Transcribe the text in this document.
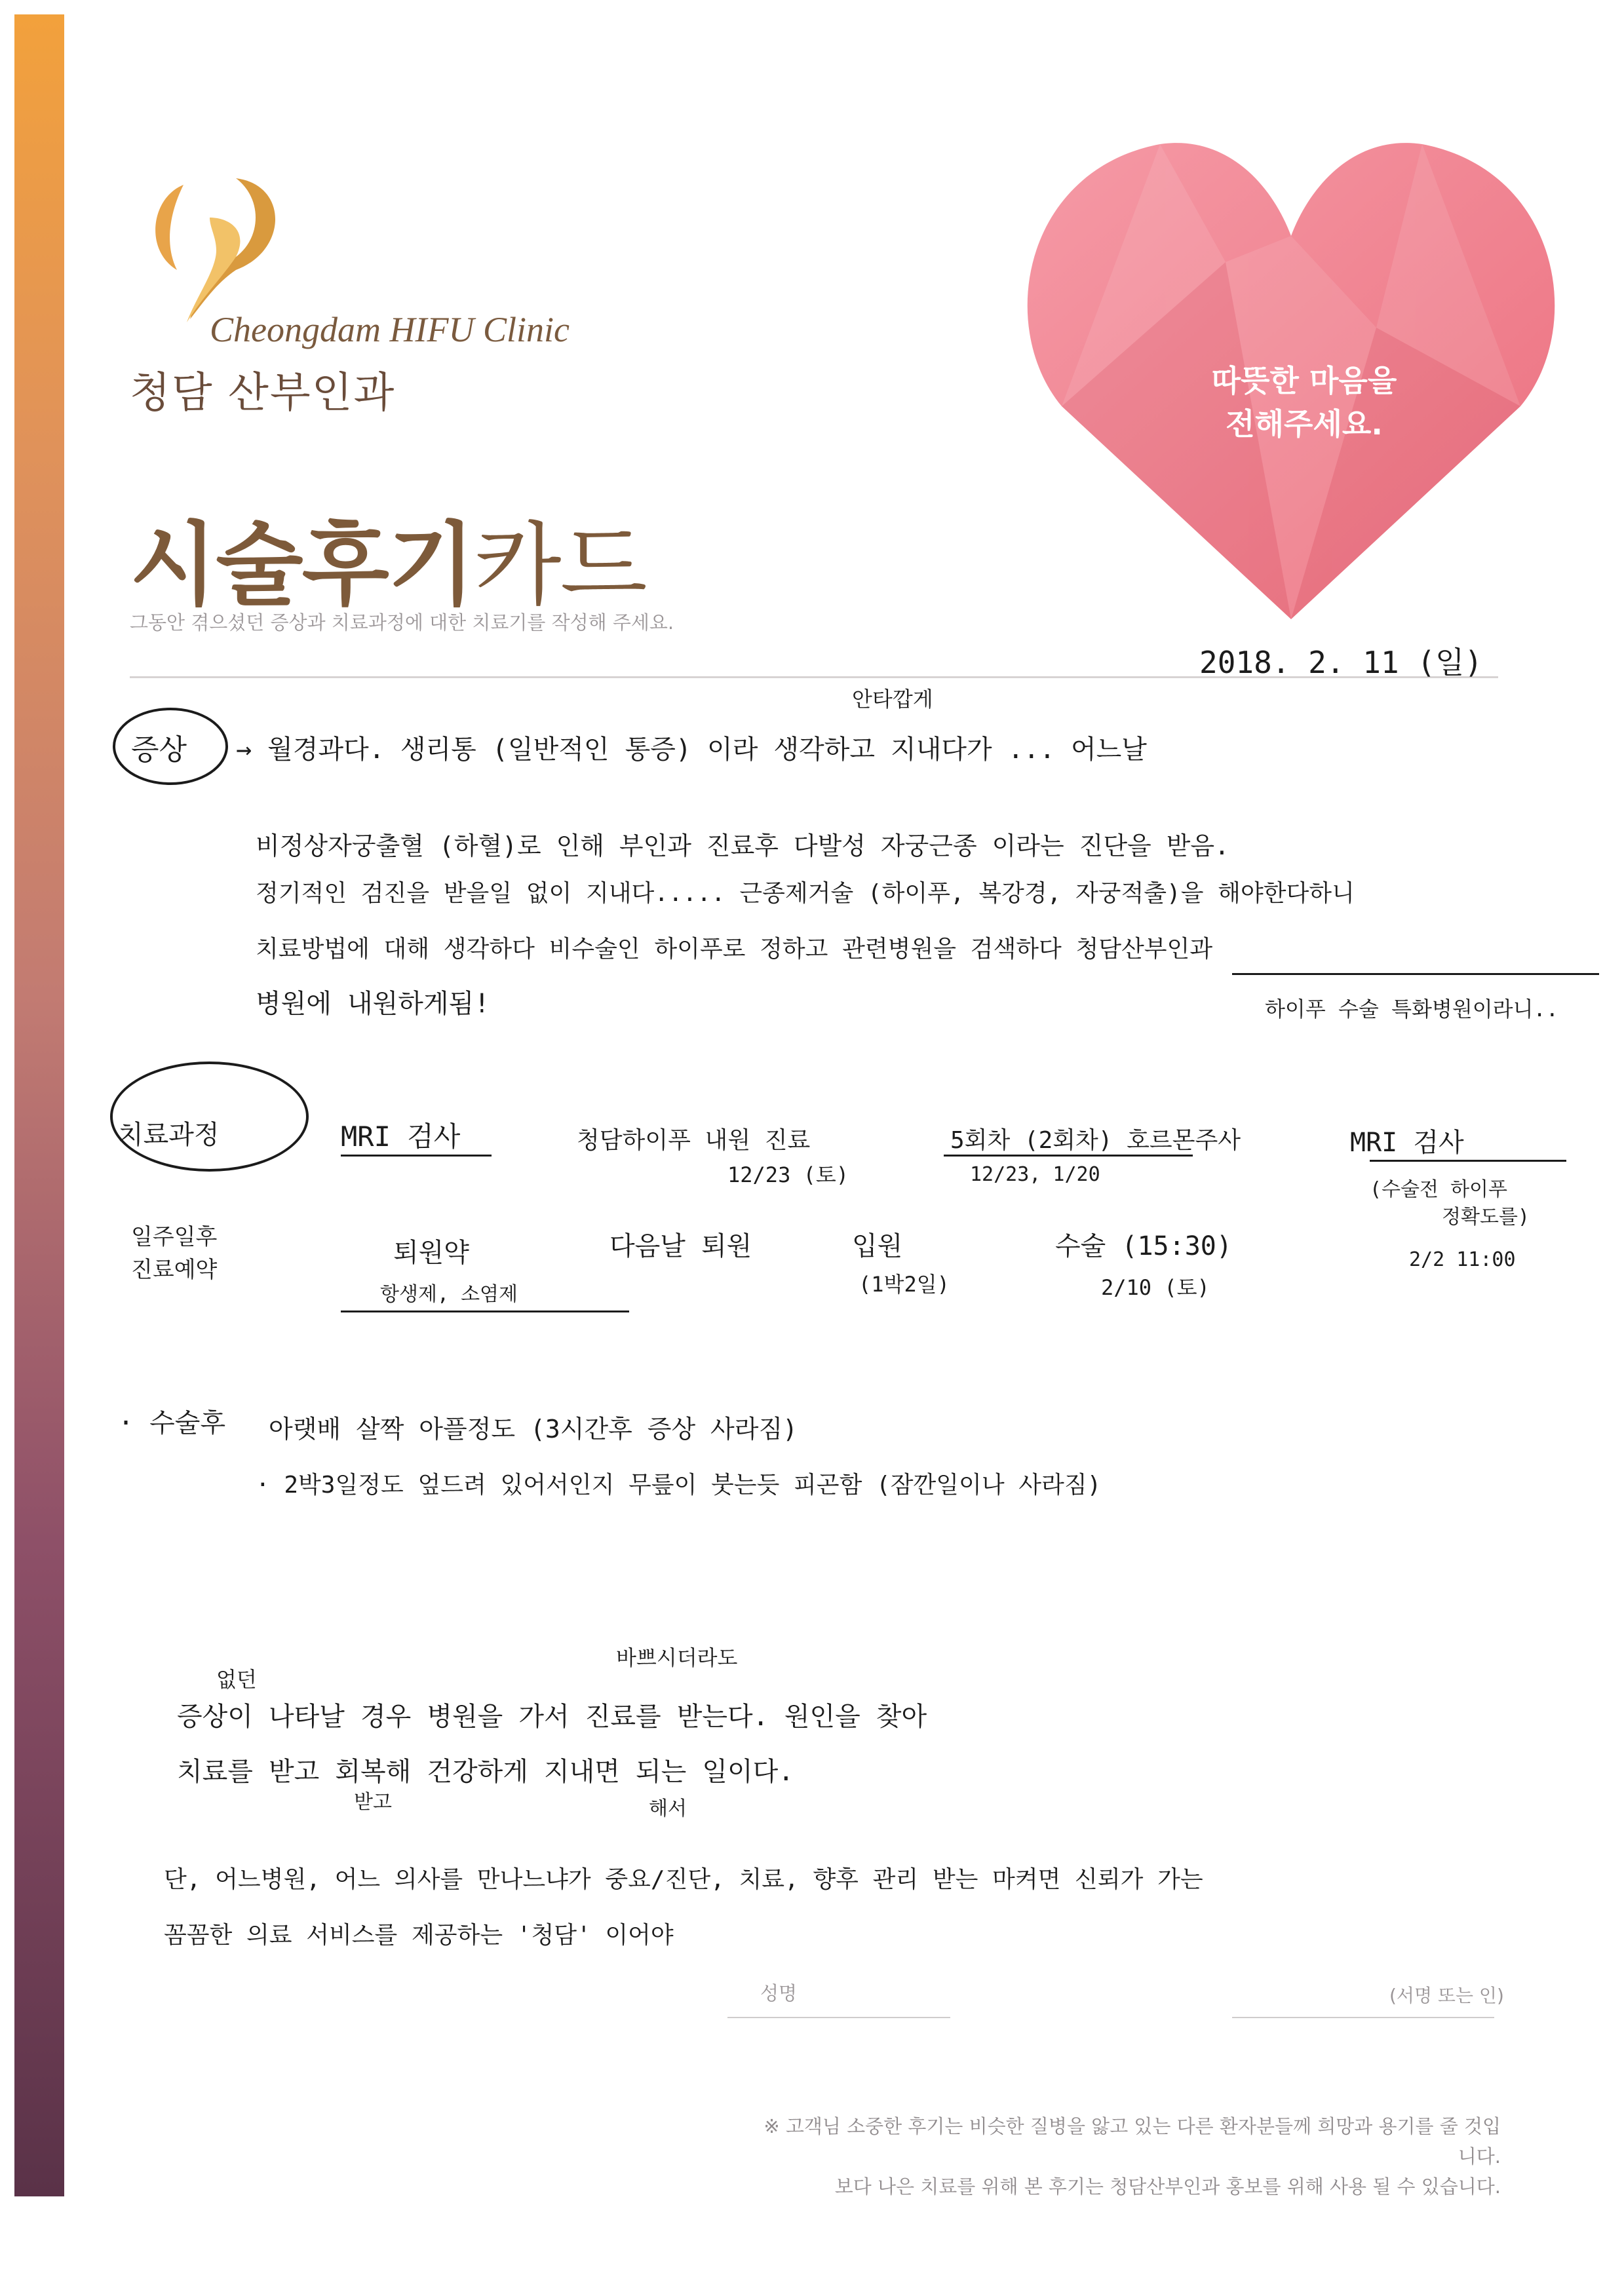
Cheongdam HIFU Clinic
청담 산부인과
시술후기카드
그동안 겪으셨던 증상과 치료과정에 대한 치료기를 작성해 주세요.
따뜻한 마음을
전해주세요.
2018. 2. 11 (일)
증상
안타깝게
→ 월경과다. 생리통 (일반적인 통증) 이라 생각하고 지내다가 ... 어느날
비정상자궁출혈 (하혈)로 인해 부인과 진료후 다발성 자궁근종 이라는 진단을 받음.
정기적인 검진을 받을일 없이 지내다..... 근종제거술 (하이푸, 복강경, 자궁적출)을 해야한다하니
치료방법에 대해 생각하다 비수술인 하이푸로 정하고 관련병원을 검색하다 청담산부인과
병원에 내원하게됨!	하이푸 수술 특화병원이라니..
치료과정	MRI 검사	청담하이푸 내원 진료
12/23 (토)
5회차 (2회차) 호르몬주사
12/23, 1/20
MRI 검사
(수술전 하이푸
정확도를)
2/2 11:00
일주일후
진료예약
퇴원약
항생제, 소염제
다음날 퇴원	입원
(1박2일)
수술 (15:30)
2/10 (토)
· 수술후 아랫배 살짝 아플정도 (3시간후 증상 사라짐)
· 2박3일정도 엎드려 있어서인지 무릎이 붓는듯 피곤함 (잠깐일이나 사라짐)
없던
바쁘시더라도
증상이 나타날 경우 병원을 가서 진료를 받는다. 원인을 찾아
치료를 받고 회복해 건강하게 지내면 되는 일이다.
받고	해서
단, 어느병원, 어느 의사를 만나느냐가 중요/진단, 치료, 향후 관리 받는 마켜면 신뢰가 가는
꼼꼼한 의료 서비스를 제공하는 '청담' 이어야
성명	(서명 또는 인)
※ 고객님 소중한 후기는 비슷한 질병을 앓고 있는 다른 환자분들께 희망과 용기를 줄 것입니다.
보다 나은 치료를 위해 본 후기는 청담산부인과 홍보를 위해 사용 될 수 있습니다.
